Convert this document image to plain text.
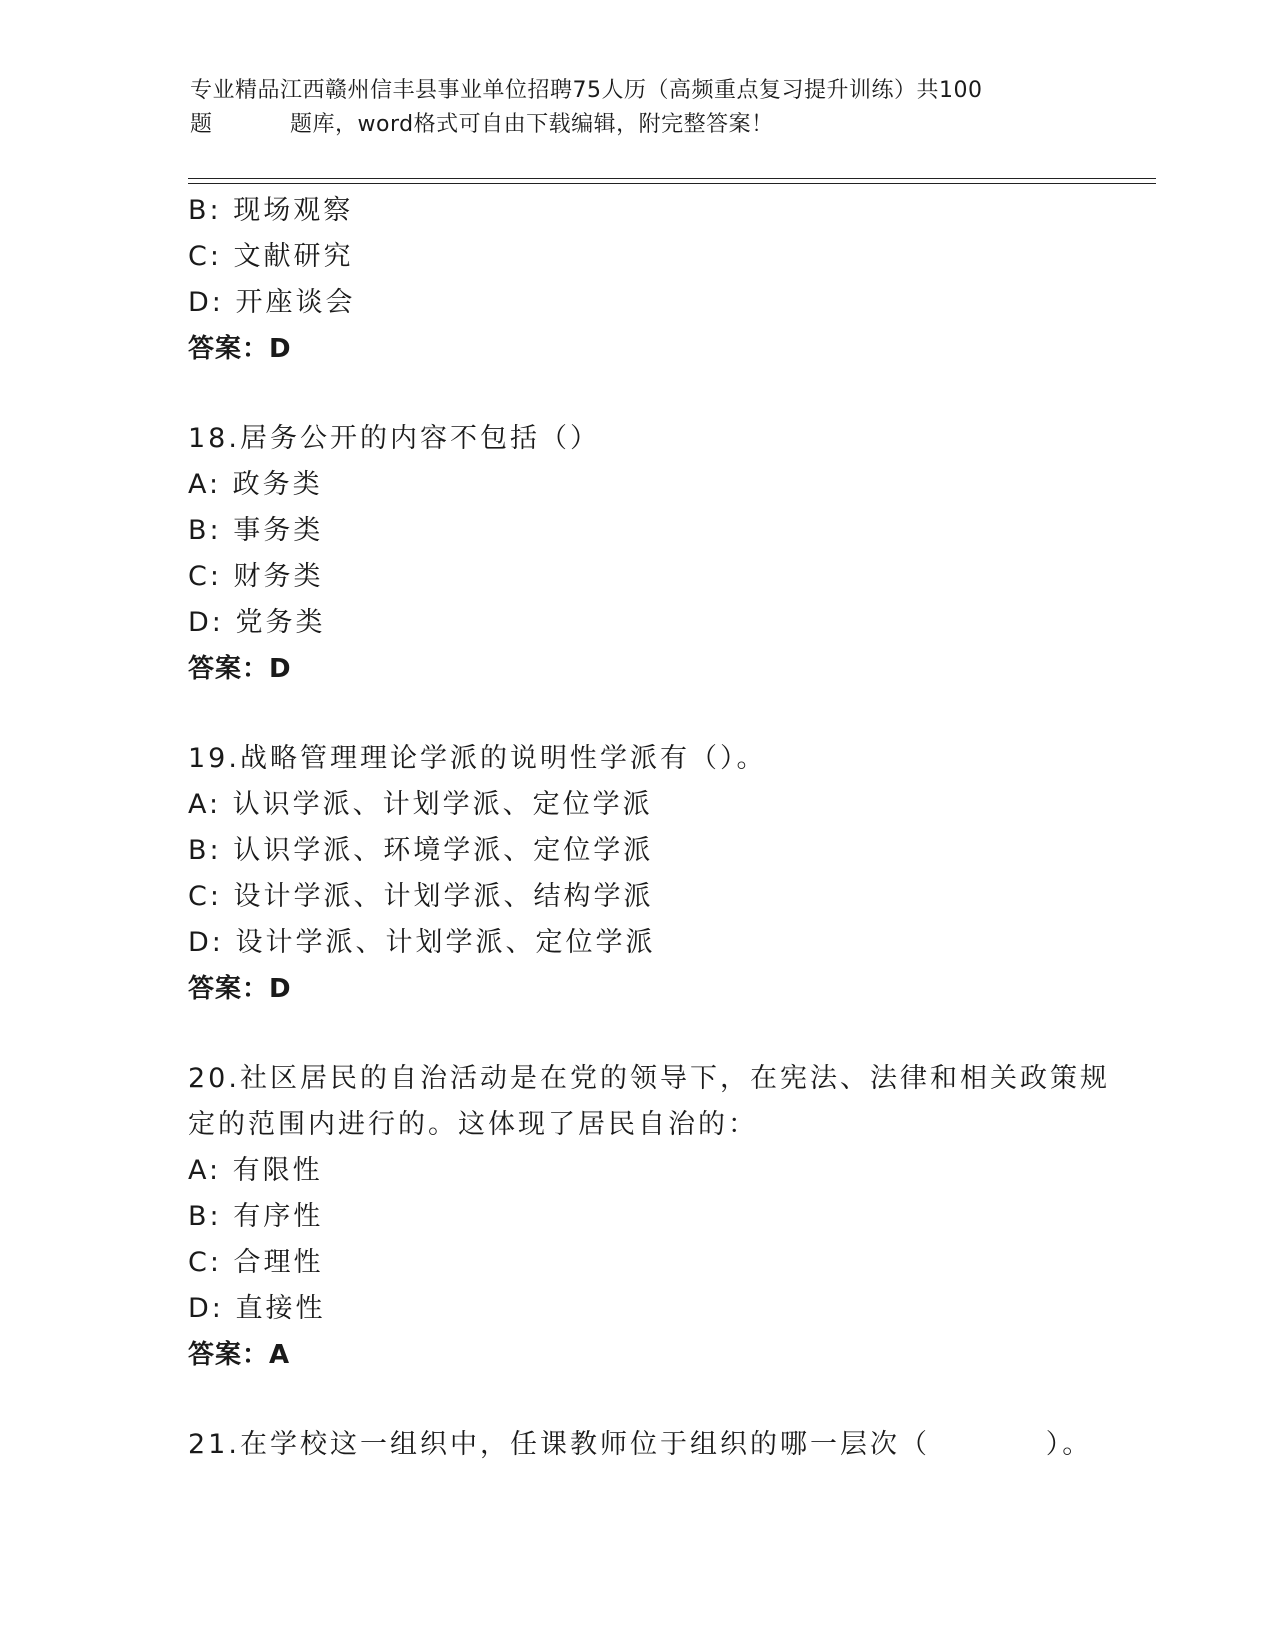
专业精品江西赣州信丰县事业单位招聘75人历（高频重点复习提升训练）共100
题	题库，word格式可自由下载编辑，附完整答案！
B: 现场观察
C: 文献研究
D: 开座谈会
答案：D
18.居务公开的内容不包括（）
A: 政务类
B: 事务类
C: 财务类
D: 党务类
答案：D
19.战略管理理论学派的说明性学派有（）。
A: 认识学派、计划学派、定位学派
B: 认识学派、环境学派、定位学派
C: 设计学派、计划学派、结构学派
D: 设计学派、计划学派、定位学派
答案：D
20.社区居民的自治活动是在党的领导下，在宪法、法律和相关政策规
定的范围内进行的。这体现了居民自治的：
A: 有限性
B: 有序性
C: 合理性
D: 直接性
答案：A
21.在学校这一组织中，任课教师位于组织的哪一层次（          ）。
